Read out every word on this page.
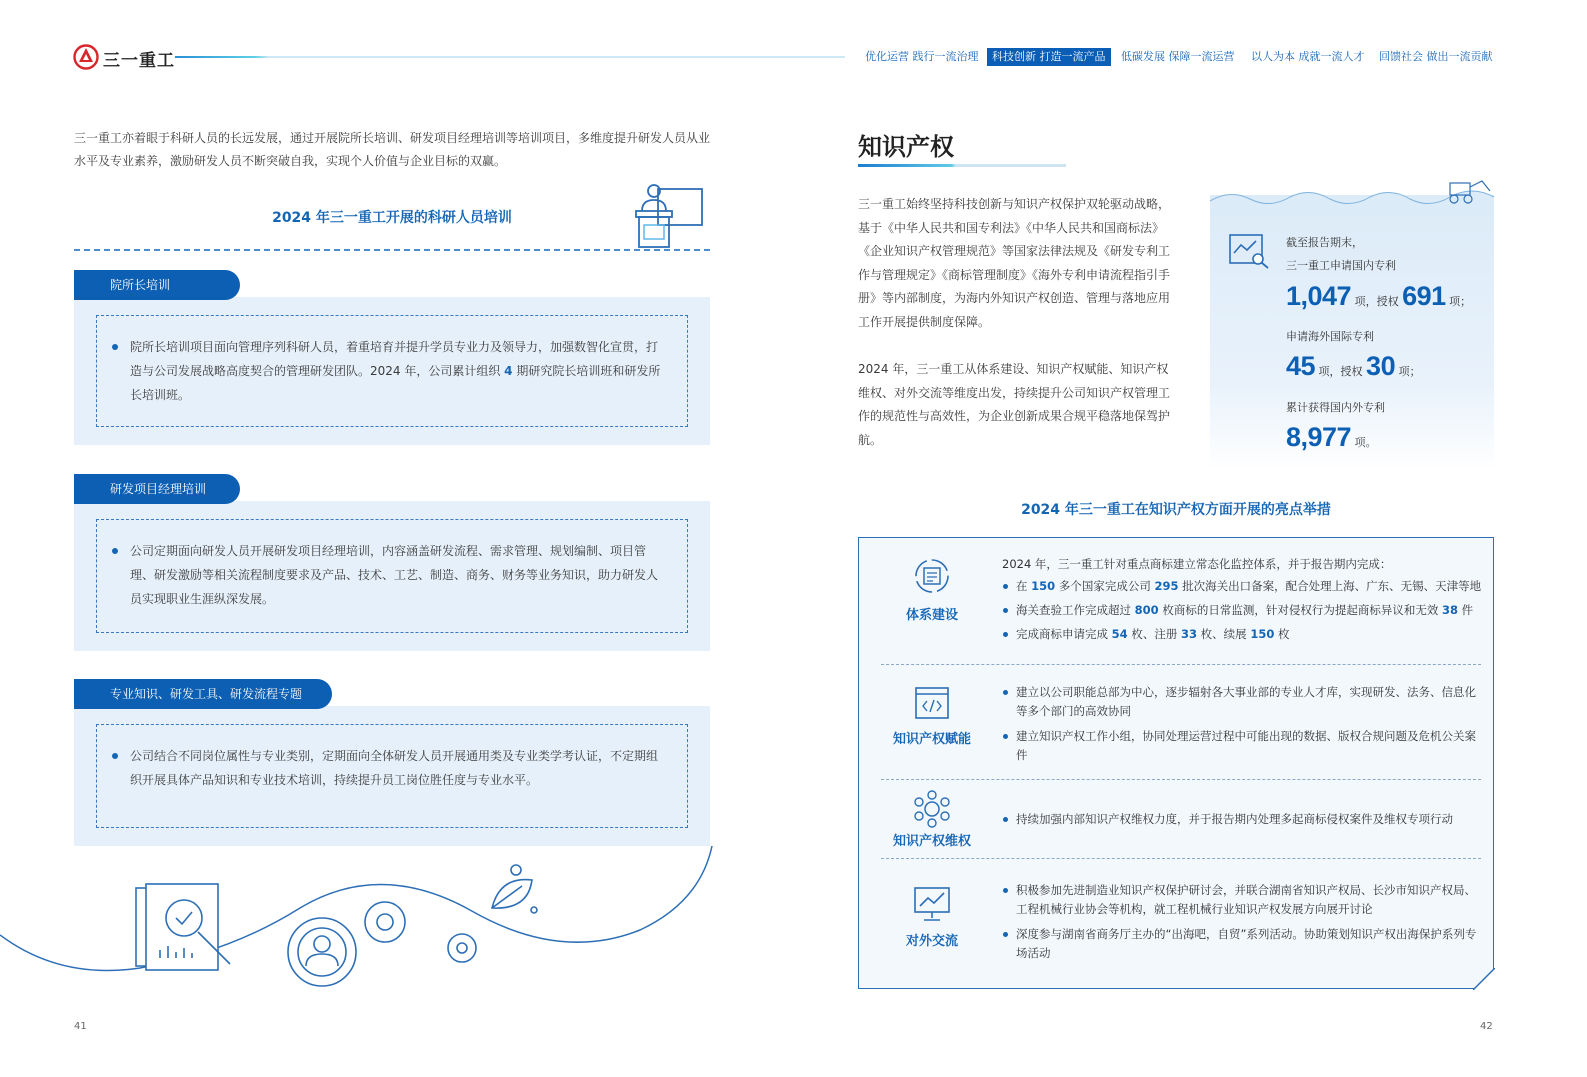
三一重工	优化运营 践行一流治理	科技创新 打造一流产品	低碳发展 保障一流运营	以人为本 成就一流人才	回馈社会 做出一流贡献
三一重工亦着眼于科研人员的长远发展，通过开展院所长培训、研发项目经理培训等培训项目，多维度提升研发人员从业水平及专业素养，激励研发人员不断突破自我，实现个人价值与企业目标的双赢。
2024 年三一重工开展的科研人员培训
院所长培训项目面向管理序列科研人员，着重培育并提升学员专业力及领导力，加强数智化宣贯，打造与公司发展战略高度契合的管理研发团队。2024 年，公司累计组织 4 期研究院长培训班和研发所长培训班。
院所长培训
公司定期面向研发人员开展研发项目经理培训，内容涵盖研发流程、需求管理、规划编制、项目管理、研发激励等相关流程制度要求及产品、技术、工艺、制造、商务、财务等业务知识，助力研发人员实现职业生涯纵深发展。
研发项目经理培训
公司结合不同岗位属性与专业类别，定期面向全体研发人员开展通用类及专业类学考认证，不定期组织开展具体产品知识和专业技术培训，持续提升员工岗位胜任度与专业水平。
专业知识、研发工具、研发流程专题
41
知识产权
三一重工始终坚持科技创新与知识产权保护双轮驱动战略，基于《中华人民共和国专利法》《中华人民共和国商标法》《企业知识产权管理规范》等国家法律法规及《研发专利工作与管理规定》《商标管理制度》《海外专利申请流程指引手册》等内部制度，为海内外知识产权创造、管理与落地应用工作开展提供制度保障。
2024 年，三一重工从体系建设、知识产权赋能、知识产权维权、对外交流等维度出发，持续提升公司知识产权管理工作的规范性与高效性，为企业创新成果合规平稳落地保驾护航。
截至报告期末，
三一重工申请国内专利
1,047 项，授权 691 项；
申请海外国际专利
45 项，授权 30 项；
累计获得国内外专利
8,977 项。
2024 年三一重工在知识产权方面开展的亮点举措
体系建设
2024 年，三一重工针对重点商标建立常态化监控体系，并于报告期内完成：
在 150 多个国家完成公司 295 批次海关出口备案，配合处理上海、广东、无锡、天津等地
海关查验工作完成超过 800 枚商标的日常监测，针对侵权行为提起商标异议和无效 38 件
完成商标申请完成 54 枚、注册 33 枚、续展 150 枚
知识产权赋能
建立以公司职能总部为中心，逐步辐射各大事业部的专业人才库，实现研发、法务、信息化等多个部门的高效协同
建立知识产权工作小组，协同处理运营过程中可能出现的数据、版权合规问题及危机公关案件
知识产权维权
持续加强内部知识产权维权力度，并于报告期内处理多起商标侵权案件及维权专项行动
对外交流
积极参加先进制造业知识产权保护研讨会，并联合湖南省知识产权局、长沙市知识产权局、工程机械行业协会等机构，就工程机械行业知识产权发展方向展开讨论
深度参与湖南省商务厅主办的“出海吧，自贸”系列活动。协助策划知识产权出海保护系列专场活动
42
